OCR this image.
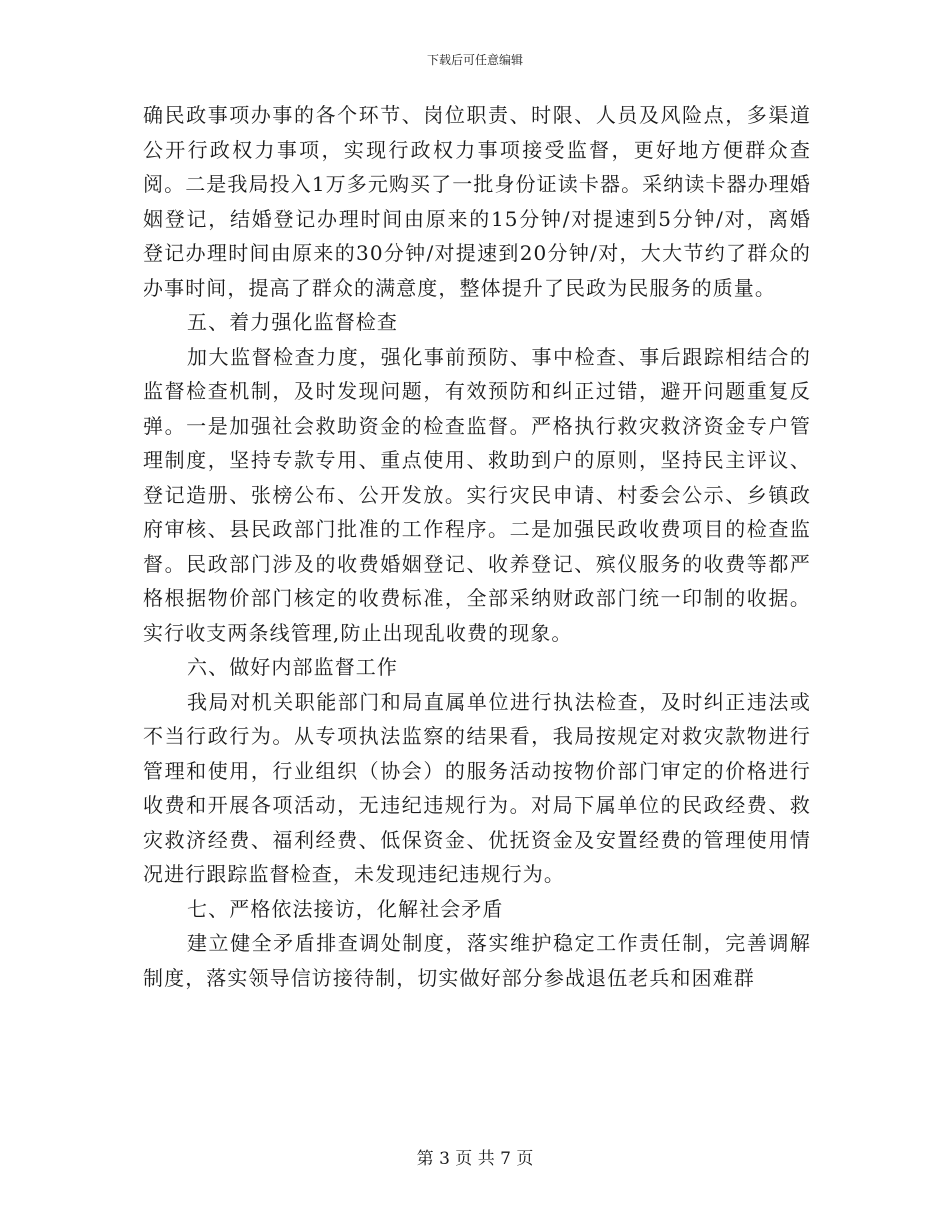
下载后可任意编辑

确民政事项办事的各个环节、岗位职责、时限、人员及风险点，多渠道公开行政权力事项，实现行政权力事项接受监督，更好地方便群众查阅。二是我局投入1万多元购买了一批身份证读卡器。采纳读卡器办理婚姻登记，结婚登记办理时间由原来的15分钟/对提速到5分钟/对，离婚登记办理时间由原来的30分钟/对提速到20分钟/对，大大节约了群众的办事时间，提高了群众的满意度，整体提升了民政为民服务的质量。

五、着力强化监督检查

加大监督检查力度，强化事前预防、事中检查、事后跟踪相结合的监督检查机制，及时发现问题，有效预防和纠正过错，避开问题重复反弹。一是加强社会救助资金的检查监督。严格执行救灾救济资金专户管理制度，坚持专款专用、重点使用、救助到户的原则，坚持民主评议、登记造册、张榜公布、公开发放。实行灾民申请、村委会公示、乡镇政府审核、县民政部门批准的工作程序。二是加强民政收费项目的检查监督。民政部门涉及的收费婚姻登记、收养登记、殡仪服务的收费等都严格根据物价部门核定的收费标准，全部采纳财政部门统一印制的收据。实行收支两条线管理,防止出现乱收费的现象。

六、做好内部监督工作

我局对机关职能部门和局直属单位进行执法检查，及时纠正违法或不当行政行为。从专项执法监察的结果看，我局按规定对救灾款物进行管理和使用，行业组织（协会）的服务活动按物价部门审定的价格进行收费和开展各项活动，无违纪违规行为。对局下属单位的民政经费、救灾救济经费、福利经费、低保资金、优抚资金及安置经费的管理使用情况进行跟踪监督检查，未发现违纪违规行为。

七、严格依法接访，化解社会矛盾

建立健全矛盾排查调处制度，落实维护稳定工作责任制，完善调解制度，落实领导信访接待制，切实做好部分参战退伍老兵和困难群

第 3 页 共 7 页
